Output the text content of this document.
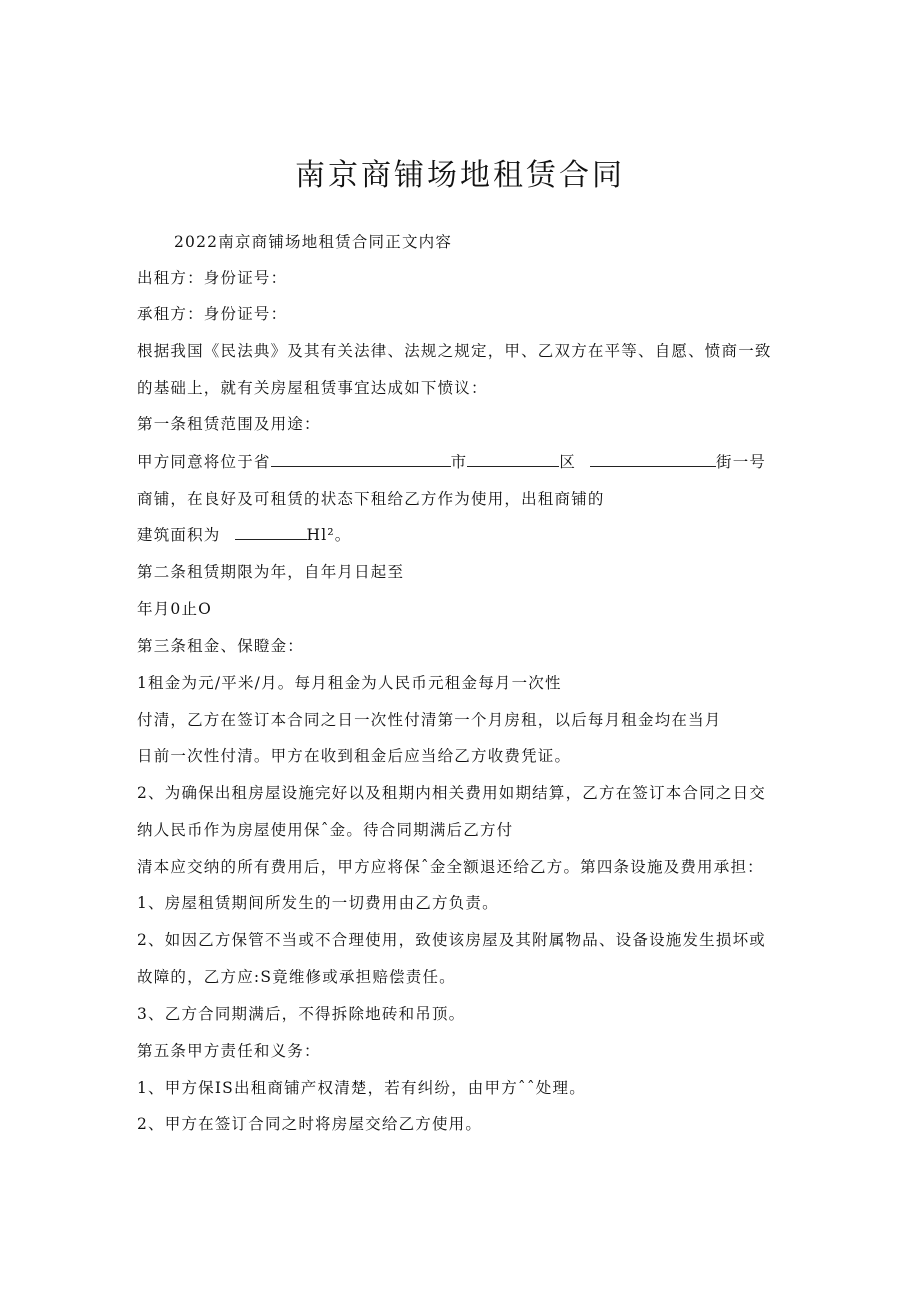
南京商铺场地租赁合同
2022南京商铺场地租赁合同正文内容
出租方：身份证号：
承租方：身份证号：
根据我国《民法典》及其有关法律、法规之规定，甲、乙双方在平等、自愿、愤商一致
的基础上，就有关房屋租赁事宜达成如下愤议：
第一条租赁范围及用途：
甲方同意将位于省	市	区	街一号
商铺，在良好及可租赁的状态下租给乙方作为使用，出租商铺的
建筑面积为	Hl²。
第二条租赁期限为年，自年月日起至
年月0止O
第三条租金、保瞪金：
1租金为元/平米/月。每月租金为人民币元租金每月一次性
付清，乙方在签订本合同之日一次性付清第一个月房租，以后每月租金均在当月
日前一次性付清。甲方在收到租金后应当给乙方收费凭证。
2、为确保出租房屋设施完好以及租期内相关费用如期结算，乙方在签订本合同之日交
纳人民币作为房屋使用保ˆ金。待合同期满后乙方付
清本应交纳的所有费用后，甲方应将保ˆ金全额退还给乙方。第四条设施及费用承担：
1、房屋租赁期间所发生的一切费用由乙方负责。
2、如因乙方保管不当或不合理使用，致使该房屋及其附属物品、设备设施发生损坏或
故障的，乙方应:S竟维修或承担赔偿责任。
3、乙方合同期满后，不得拆除地砖和吊顶。
第五条甲方责任和义务：
1、甲方保IS出租商铺产权清楚，若有纠纷，由甲方ˆˆ处理。
2、甲方在签订合同之时将房屋交给乙方使用。
